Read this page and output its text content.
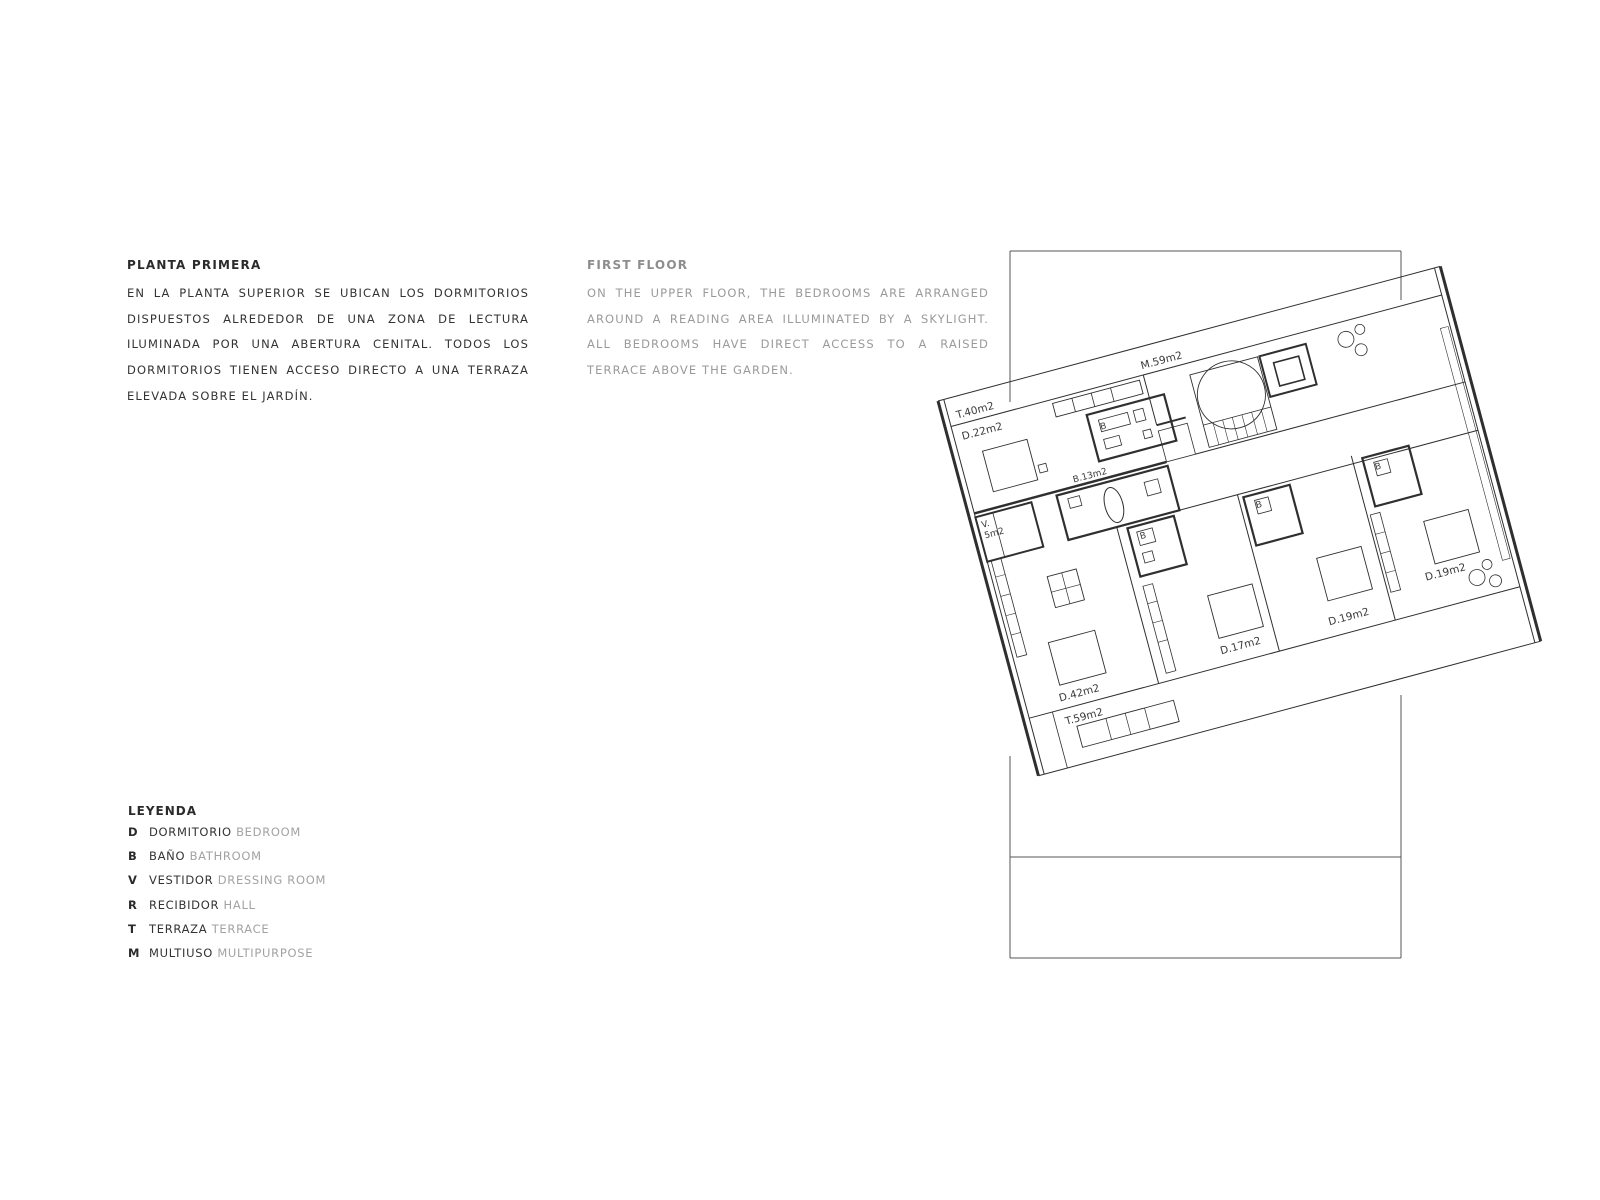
PLANTA PRIMERA

EN LA PLANTA SUPERIOR SE UBICAN LOS DORMITORIOS DISPUESTOS ALREDEDOR DE UNA ZONA DE LECTURA ILUMINADA POR UNA ABERTURA CENITAL. TODOS LOS DORMITORIOS TIENEN ACCESO DIRECTO A UNA TERRAZA ELEVADA SOBRE EL JARDÍN.

FIRST FLOOR

ON THE UPPER FLOOR, THE BEDROOMS ARE ARRANGED AROUND A READING AREA ILLUMINATED BY A SKYLIGHT. ALL BEDROOMS HAVE DIRECT ACCESS TO A RAISED TERRACE ABOVE THE GARDEN.

LEYENDA
D DORMITORIO BEDROOM
B BAÑO BATHROOM
V VESTIDOR DRESSING ROOM
R RECIBIDOR HALL
T TERRAZA TERRACE
M MULTIUSO MULTIPURPOSE
T.40m2
M.59m2
D.22m2	B
B.13m2
V.
5m2	B
B
B
D.17m2
D.19m2
D.19m2
D.42m2
T.59m2
